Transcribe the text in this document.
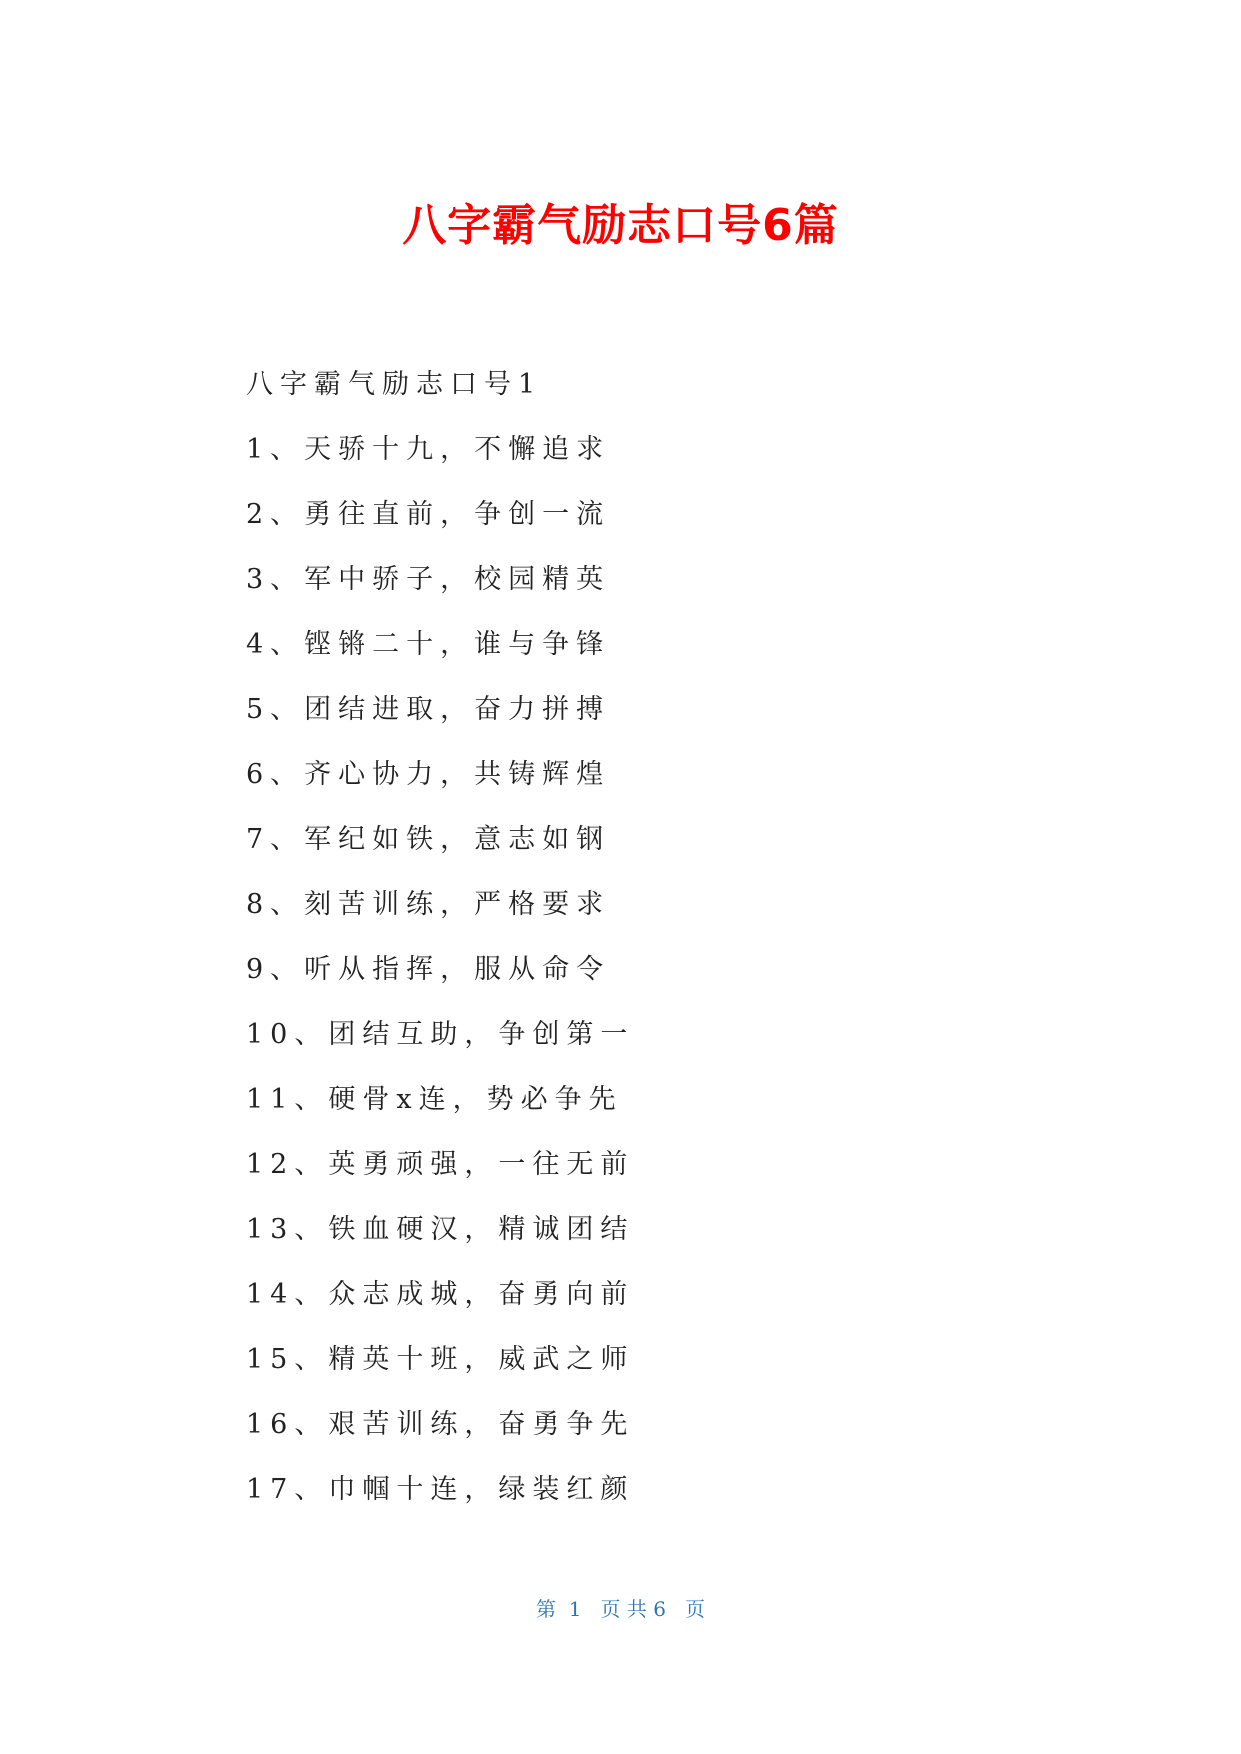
八字霸气励志口号6篇
八字霸气励志口号1
1、天骄十九，不懈追求
2、勇往直前，争创一流
3、军中骄子，校园精英
4、铿锵二十，谁与争锋
5、团结进取，奋力拼搏
6、齐心协力，共铸辉煌
7、军纪如铁，意志如钢
8、刻苦训练，严格要求
9、听从指挥，服从命令
10、团结互助，争创第一
11、硬骨x连，势必争先
12、英勇顽强，一往无前
13、铁血硬汉，精诚团结
14、众志成城，奋勇向前
15、精英十班，威武之师
16、艰苦训练，奋勇争先
17、巾帼十连，绿装红颜
第  1   页 共 6   页
